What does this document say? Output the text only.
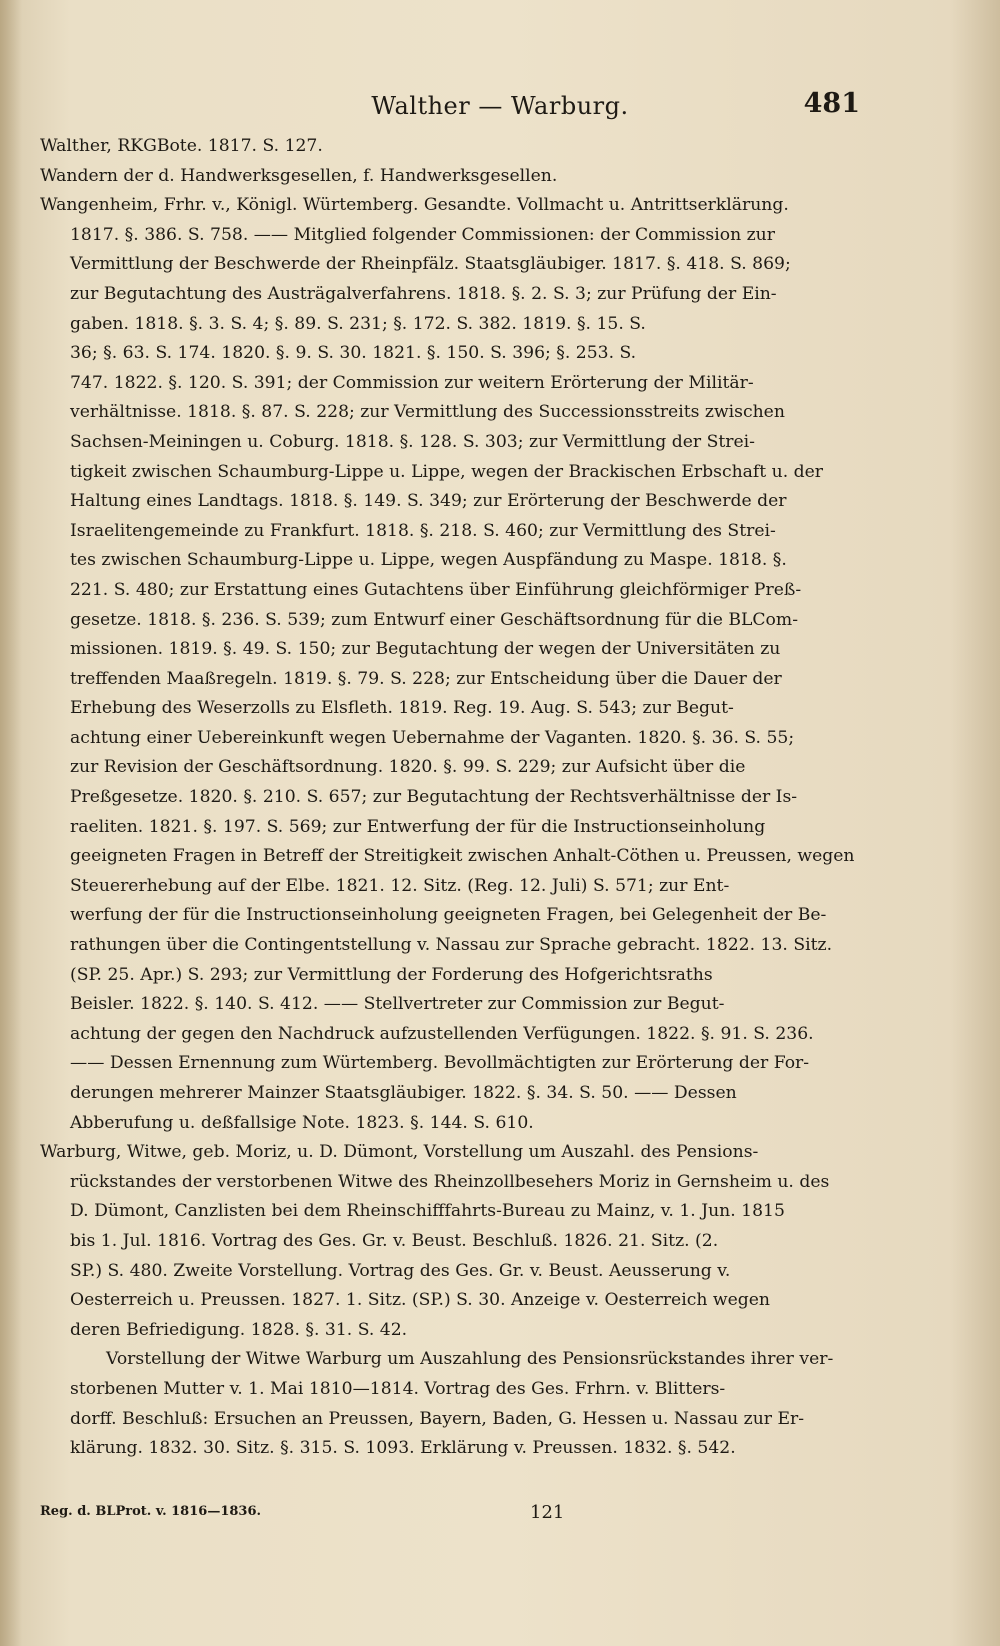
Walther — Warburg.	481
Walther, RKGBote. 1817. S. 127.
Wandern der d. Handwerksgesellen, f. Handwerksgesellen.
Wangenheim, Frhr. v., Königl. Würtemberg. Gesandte. Vollmacht u. Antrittserklärung.
1817. §. 386. S. 758. —— Mitglied folgender Commissionen: der Commission zur
Vermittlung der Beschwerde der Rheinpfälz. Staatsgläubiger. 1817. §. 418. S. 869;
zur Begutachtung des Austrägalverfahrens. 1818. §. 2. S. 3; zur Prüfung der Ein-
gaben. 1818. §. 3. S. 4; §. 89. S. 231; §. 172. S. 382. 1819. §. 15. S.
36; §. 63. S. 174. 1820. §. 9. S. 30. 1821. §. 150. S. 396; §. 253. S.
747. 1822. §. 120. S. 391; der Commission zur weitern Erörterung der Militär-
verhältnisse. 1818. §. 87. S. 228; zur Vermittlung des Successionsstreits zwischen
Sachsen-Meiningen u. Coburg. 1818. §. 128. S. 303; zur Vermittlung der Strei-
tigkeit zwischen Schaumburg-Lippe u. Lippe, wegen der Brackischen Erbschaft u. der
Haltung eines Landtags. 1818. §. 149. S. 349; zur Erörterung der Beschwerde der
Israelitengemeinde zu Frankfurt. 1818. §. 218. S. 460; zur Vermittlung des Strei-
tes zwischen Schaumburg-Lippe u. Lippe, wegen Auspfändung zu Maspe. 1818. §.
221. S. 480; zur Erstattung eines Gutachtens über Einführung gleichförmiger Preß-
gesetze. 1818. §. 236. S. 539; zum Entwurf einer Geschäftsordnung für die BLCom-
missionen. 1819. §. 49. S. 150; zur Begutachtung der wegen der Universitäten zu
treffenden Maaßregeln. 1819. §. 79. S. 228; zur Entscheidung über die Dauer der
Erhebung des Weserzolls zu Elsfleth. 1819. Reg. 19. Aug. S. 543; zur Begut-
achtung einer Uebereinkunft wegen Uebernahme der Vaganten. 1820. §. 36. S. 55;
zur Revision der Geschäftsordnung. 1820. §. 99. S. 229; zur Aufsicht über die
Preßgesetze. 1820. §. 210. S. 657; zur Begutachtung der Rechtsverhältnisse der Is-
raeliten. 1821. §. 197. S. 569; zur Entwerfung der für die Instructionseinholung
geeigneten Fragen in Betreff der Streitigkeit zwischen Anhalt-Cöthen u. Preussen, wegen
Steuererhebung auf der Elbe. 1821. 12. Sitz. (Reg. 12. Juli) S. 571; zur Ent-
werfung der für die Instructionseinholung geeigneten Fragen, bei Gelegenheit der Be-
rathungen über die Contingentstellung v. Nassau zur Sprache gebracht. 1822. 13. Sitz.
(SP. 25. Apr.) S. 293; zur Vermittlung der Forderung des Hofgerichtsraths
Beisler. 1822. §. 140. S. 412. —— Stellvertreter zur Commission zur Begut-
achtung der gegen den Nachdruck aufzustellenden Verfügungen. 1822. §. 91. S. 236.
—— Dessen Ernennung zum Würtemberg. Bevollmächtigten zur Erörterung der For-
derungen mehrerer Mainzer Staatsgläubiger. 1822. §. 34. S. 50. —— Dessen
Abberufung u. deßfallsige Note. 1823. §. 144. S. 610.
Warburg, Witwe, geb. Moriz, u. D. Dümont, Vorstellung um Auszahl. des Pensions-
rückstandes der verstorbenen Witwe des Rheinzollbesehers Moriz in Gernsheim u. des
D. Dümont, Canzlisten bei dem Rheinschifffahrts-Bureau zu Mainz, v. 1. Jun. 1815
bis 1. Jul. 1816. Vortrag des Ges. Gr. v. Beust. Beschluß. 1826. 21. Sitz. (2.
SP.) S. 480. Zweite Vorstellung. Vortrag des Ges. Gr. v. Beust. Aeusserung v.
Oesterreich u. Preussen. 1827. 1. Sitz. (SP.) S. 30. Anzeige v. Oesterreich wegen
deren Befriedigung. 1828. §. 31. S. 42.
Vorstellung der Witwe Warburg um Auszahlung des Pensionsrückstandes ihrer ver-
storbenen Mutter v. 1. Mai 1810—1814. Vortrag des Ges. Frhrn. v. Blitters-
dorff. Beschluß: Ersuchen an Preussen, Bayern, Baden, G. Hessen u. Nassau zur Er-
klärung. 1832. 30. Sitz. §. 315. S. 1093. Erklärung v. Preussen. 1832. §. 542.
Reg. d. BLProt. v. 1816—1836.	121
